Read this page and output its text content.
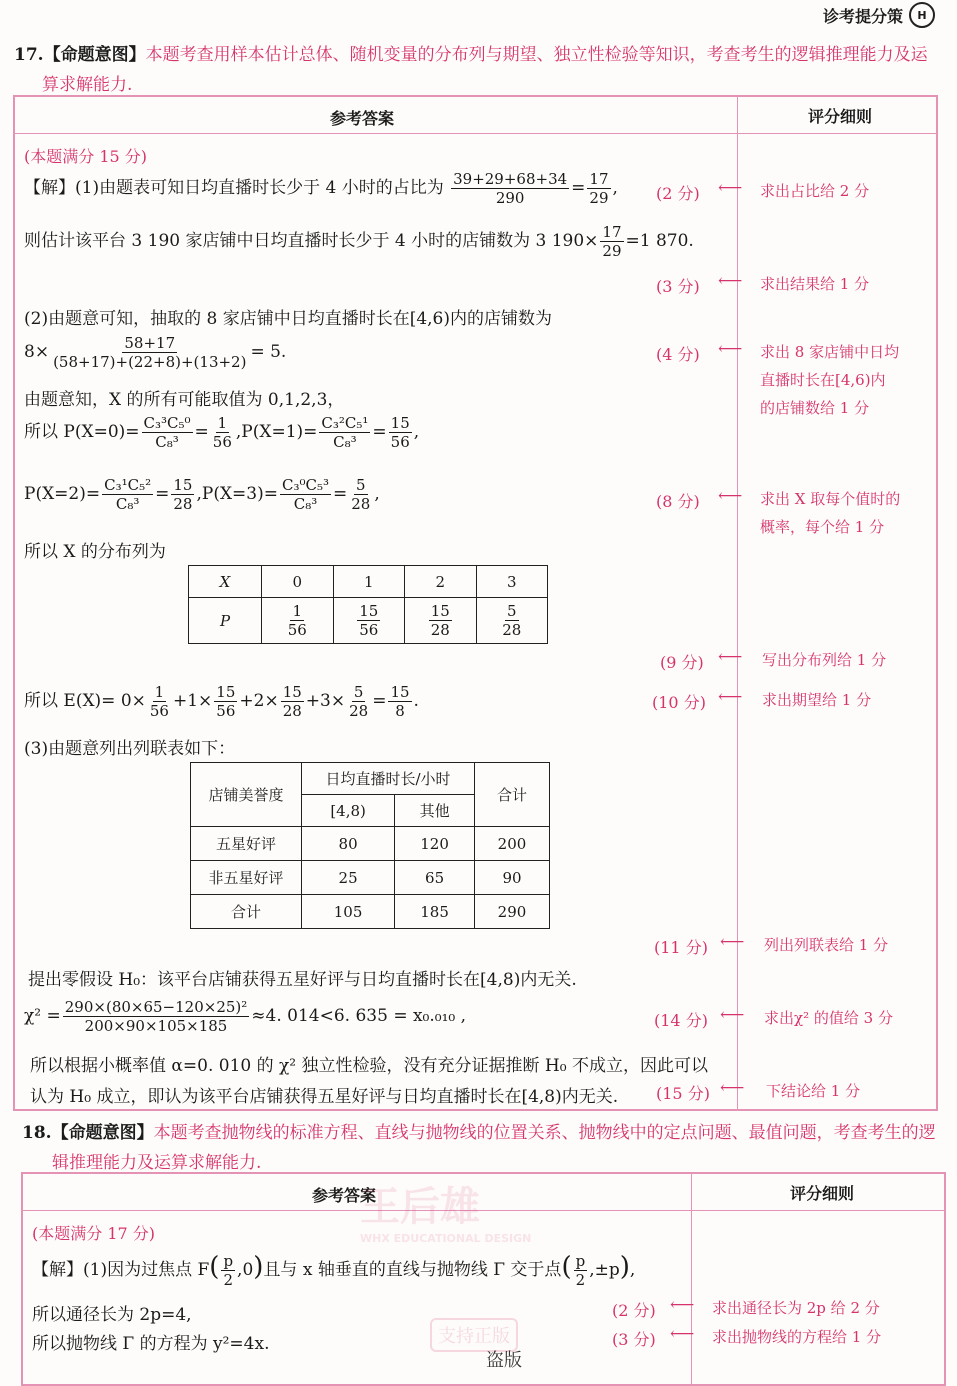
诊考提分策	H
17.【命题意图】本题考查用样本估计总体、随机变量的分布列与期望、独立性检验等知识，考查考生的逻辑推理能力及运
算求解能力.
参考答案	评分细则
(本题满分 15 分)
【解】(1)由题表可知日均直播时长少于 4 小时的占比为 $\frac{39+29+68+34}{290} = \frac{17}{29}$ ,
则估计该平台 3 190 家店铺中日均直播时长少于 4 小时的店铺数为 3 $190\times \frac{17}{29} =1$ 870.
(2)由题意可知，抽取的 8 家店铺中日均直播时长在[4,6)内的店铺数为
$8\times \frac{58+17}{(58+17)+(22+8)+(13+2)} = 5$.
由题意知，X 的所有可能取值为 0,1,2,3，
所以 $P(X=0)= \frac{\text{C₃³C₅⁰}}{\text{C₈³}} = \frac{1}{56} ,P(X=1)= \frac{\text{C₃²C₅¹}}{\text{C₈³}} = \frac{15}{56}$ ,
$P(X=2)= \frac{\text{C₃¹C₅²}}{\text{C₈³}} = \frac{15}{28} ,P(X=3)= \frac{\text{C₃⁰C₅³}}{\text{C₈³}} = \frac{5}{28}$ ,
所以 X 的分布列为
X	0	1	2	3
P	$\frac{1}{56}$	$\frac{15}{56}$	$\frac{15}{28}$	$\frac{5}{28}$
所以 $E(X)= 0\times \frac{1}{56} +1\times \frac{15}{56} +2\times \frac{15}{28} +3\times \frac{5}{28} = \frac{15}{8}$ .
(3)由题意列出列联表如下：
店铺美誉度	日均直播时长/小时		合计
	[4,8)	其他	
五星好评	80	120	200
非五星好评	25	65	90
合计	105	185	290
提出零假设 H₀：该平台店铺获得五星好评与日均直播时长在[4,8)内无关.
$\chi^2 = \frac{\text{290×(80×65−120×25)²}}{200\times 90\times 105\times 185} \approx 4$. 014<6. 635 = x₀.₀₁₀ ,
所以根据小概率值 α=0. 010 的 χ² 独立性检验，没有充分证据推断 H₀ 不成立，因此可以
认为 H₀ 成立，即认为该平台店铺获得五星好评与日均直播时长在[4,8)内无关.
(2 分) ⟵ 求出占比给 2 分
(3 分) ⟵ 求出结果给 1 分
(4 分) ⟵ 求出 8 家店铺中日均
直播时长在[4,6)内
的店铺数给 1 分
(8 分) ⟵ 求出 X 取每个值时的
概率，每个给 1 分
(9 分) ⟵ 写出分布列给 1 分
(10 分) ⟵ 求出期望给 1 分
(11 分) ⟵ 列出列联表给 1 分
(14 分) ⟵ 求出χ² 的值给 3 分
(15 分) ⟵ 下结论给 1 分
18.【命题意图】本题考查抛物线的标准方程、直线与抛物线的位置关系、抛物线中的定点问题、最值问题，考查考生的逻
辑推理能力及运算求解能力.
参考答案	评分细则
王后雄
WHX EDUCATIONAL DESIGN
(本题满分 17 分)
【解】(1)因为过焦点 $F( \frac{p}{2} ,0)$且与 x 轴垂直的直线与抛物线 Γ 交于点( $\frac{p}{2} ,\pm p$),
所以通径长为 2p=4,
所以抛物线 Γ 的方程为 y²=4x.
(2 分) ⟵ 求出通径长为 2p 给 2 分
(3 分) ⟵ 求出抛物线的方程给 1 分
支持正版
盗版
